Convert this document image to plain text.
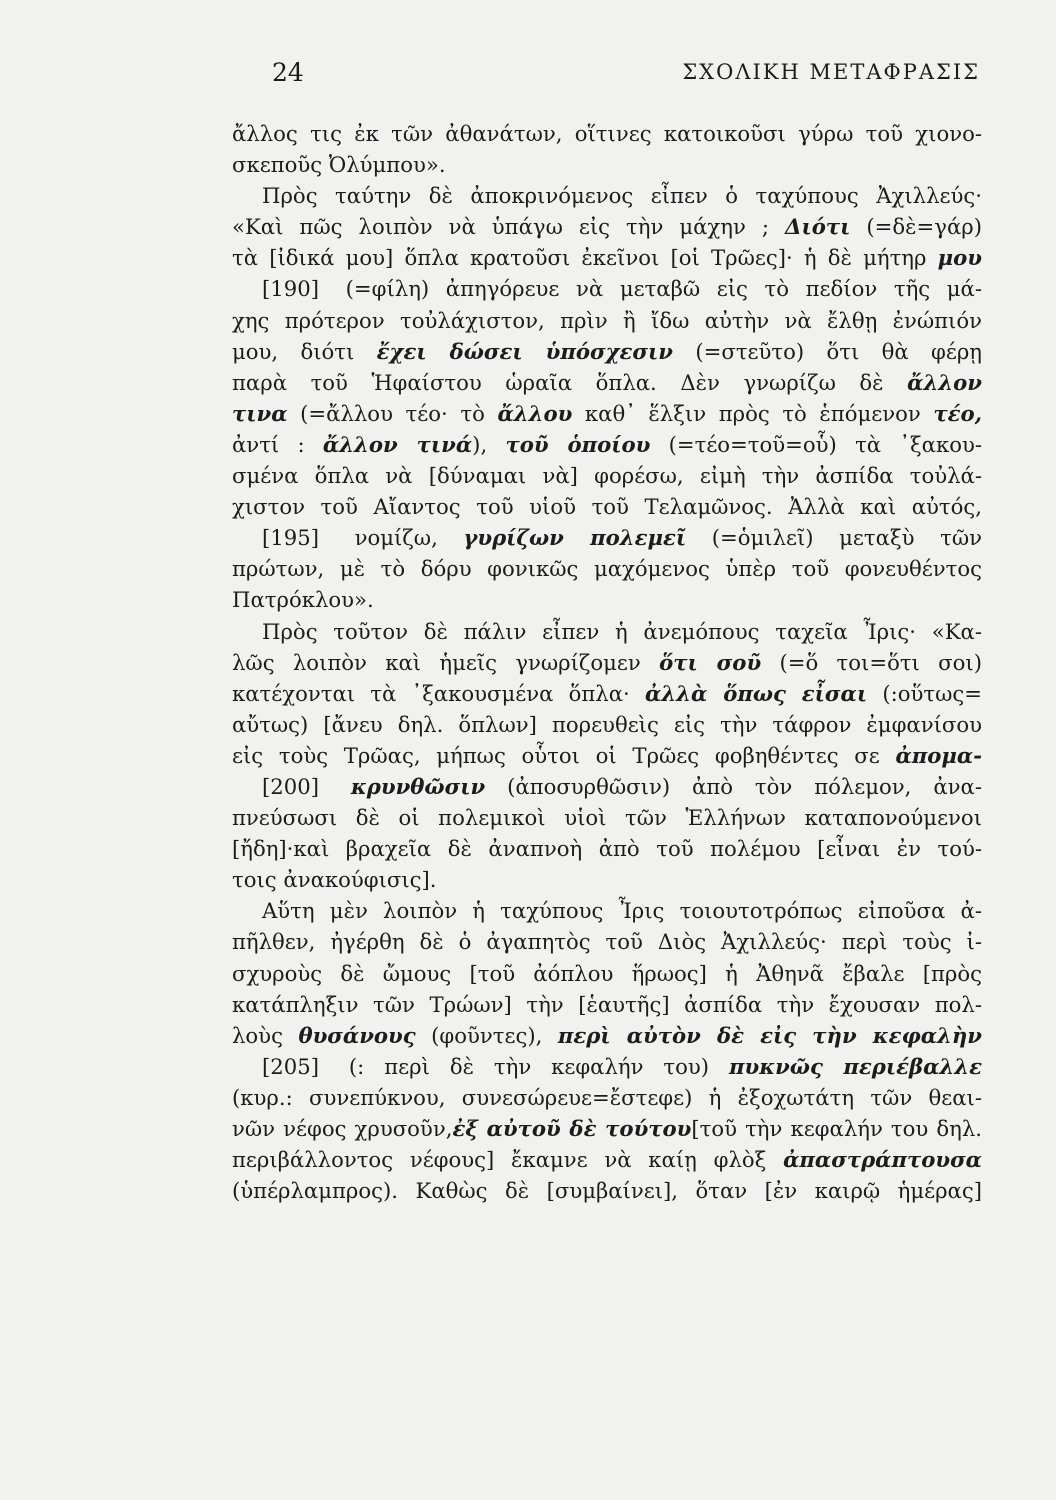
24	ΣΧΟΛΙΚΗ ΜΕΤΑΦΡΑΣΙΣ
ἄλλος τις ἐκ τῶν ἀθανάτων, οἵτινες κατοικοῦσι γύρω τοῦ χιονο-
σκεποῦς Ὀλύμπου».
Πρὸς ταύτην δὲ ἀποκρινόμενος εἶπεν ὁ ταχύπους Ἀχιλλεύς·
«Καὶ πῶς λοιπὸν νὰ ὑπάγω εἰς τὴν μάχην ; Διότι (=δὲ=γάρ)
τὰ [ἰδικά μου] ὅπλα κρατοῦσι ἐκεῖνοι [οἱ Τρῶες]· ἡ δὲ μήτηρ μου
[190] (=φίλη) ἀπηγόρευε νὰ μεταβῶ εἰς τὸ πεδίον τῆς μά-
χης πρότερον τοὐλάχιστον, πρὶν ἢ ἴδω αὐτὴν νὰ ἔλθῃ ἐνώπιόν
μου, διότι ἔχει δώσει ὑπόσχεσιν (=στεῦτο) ὅτι θὰ φέρῃ
παρὰ τοῦ Ἡφαίστου ὡραῖα ὅπλα. Δὲν γνωρίζω δὲ ἄλλον
τινα (=ἄλλου τέο· τὸ ἄλλου καθ᾿ ἕλξιν πρὸς τὸ ἑπόμενον τέο,
ἀντί : ἄλλον τινά), τοῦ ὁποίου (=τέο=τοῦ=οὗ) τὰ ᾿ξακου-
σμένα ὅπλα νὰ [δύναμαι νὰ] φορέσω, εἰμὴ τὴν ἀσπίδα τοὐλά-
χιστον τοῦ Αἴαντος τοῦ υἱοῦ τοῦ Τελαμῶνος. Ἀλλὰ καὶ αὐτός,
[195] νομίζω, γυρίζων πολεμεῖ (=ὁμιλεῖ) μεταξὺ τῶν
πρώτων, μὲ τὸ δόρυ φονικῶς μαχόμενος ὑπὲρ τοῦ φονευθέντος
Πατρόκλου».
Πρὸς τοῦτον δὲ πάλιν εἶπεν ἡ ἀνεμόπους ταχεῖα Ἶρις· «Κα-
λῶς λοιπὸν καὶ ἡμεῖς γνωρίζομεν ὅτι σοῦ (=ὅ τοι=ὅτι σοι)
κατέχονται τὰ ᾿ξακουσμένα ὅπλα· ἀλλὰ ὅπως εἶσαι (:οὕτως=
αὔτως) [ἄνευ δηλ. ὅπλων] πορευθεὶς εἰς τὴν τάφρον ἐμφανίσου
εἰς τοὺς Τρῶας, μήπως οὗτοι οἱ Τρῶες φοβηθέντες σε ἀπομα-
[200] κρυνθῶσιν (ἀποσυρθῶσιν) ἀπὸ τὸν πόλεμον, ἀνα-
πνεύσωσι δὲ οἱ πολεμικοὶ υἱοὶ τῶν Ἑλλήνων καταπονούμενοι
[ἤδη]·καὶ βραχεῖα δὲ ἀναπνοὴ ἀπὸ τοῦ πολέμου [εἶναι ἐν τού-
τοις ἀνακούφισις].
Αὕτη μὲν λοιπὸν ἡ ταχύπους Ἶρις τοιουτοτρόπως εἰποῦσα ἀ-
πῆλθεν, ἠγέρθη δὲ ὁ ἀγαπητὸς τοῦ Διὸς Ἀχιλλεύς· περὶ τοὺς ἰ-
σχυροὺς δὲ ὤμους [τοῦ ἀόπλου ἥρωος] ἡ Ἀθηνᾶ ἔβαλε [πρὸς
κατάπληξιν τῶν Τρώων] τὴν [ἑαυτῆς] ἀσπίδα τὴν ἔχουσαν πολ-
λοὺς θυσάνους (φοῦντες), περὶ αὐτὸν δὲ εἰς τὴν κεφαλὴν
[205] (: περὶ δὲ τὴν κεφαλήν του) πυκνῶς περιέβαλλε
(κυρ.: συνεπύκνου, συνεσώρευε=ἔστεφε) ἡ ἐξοχωτάτη τῶν θεαι-
νῶν νέφος χρυσοῦν,ἐξ αὐτοῦ δὲ τούτου[τοῦ τὴν κεφαλήν του δηλ.
περιβάλλοντος νέφους] ἔκαμνε νὰ καίῃ φλὸξ ἀπαστράπτουσα
(ὑπέρλαμπρος). Καθὼς δὲ [συμβαίνει], ὅταν [ἐν καιρῷ ἡμέρας]
